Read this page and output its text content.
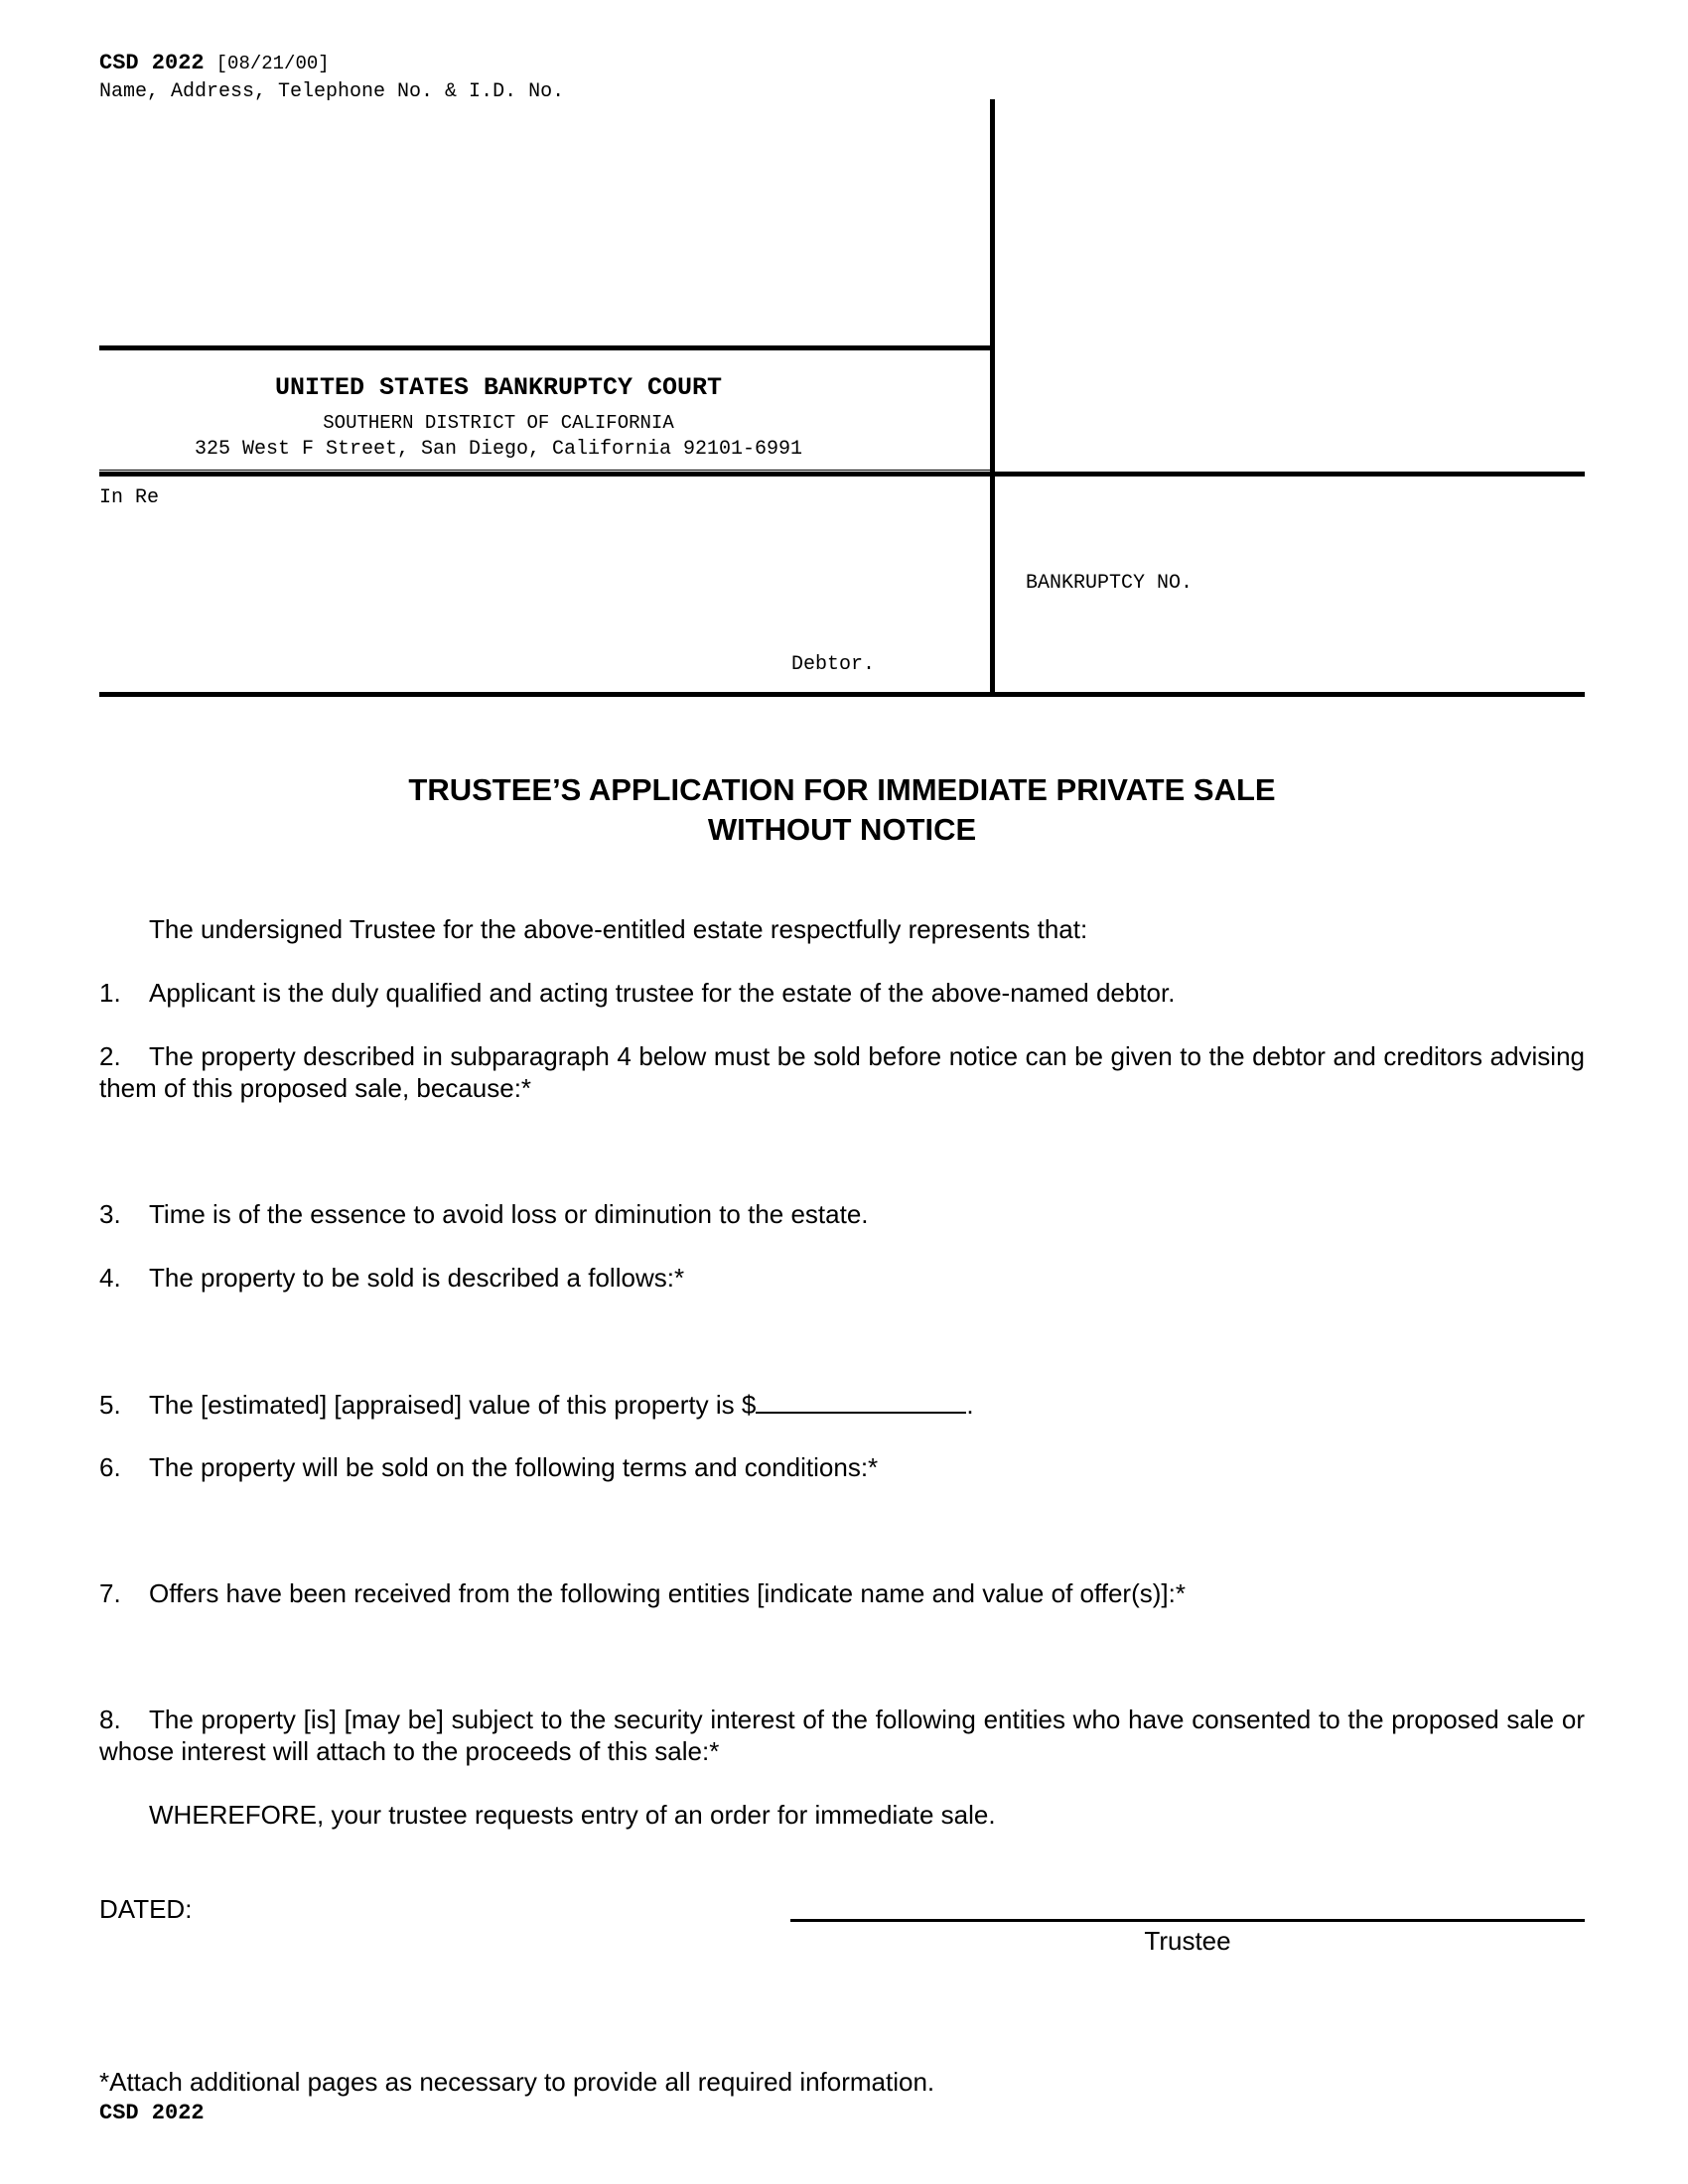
CSD 2022 [08/21/00]
Name, Address, Telephone No. & I.D. No.
UNITED STATES BANKRUPTCY COURT
SOUTHERN DISTRICT OF CALIFORNIA
325 West F Street, San Diego, California 92101-6991
In Re
Debtor.
BANKRUPTCY NO.
TRUSTEE’S APPLICATION FOR IMMEDIATE PRIVATE SALE
WITHOUT NOTICE
The undersigned Trustee for the above-entitled estate respectfully represents that:
1. Applicant is the duly qualified and acting trustee for the estate of the above-named debtor.
2. The property described in subparagraph 4 below must be sold before notice can be given to the debtor and creditors advising them of this proposed sale, because:*
3. Time is of the essence to avoid loss or diminution to the estate.
4. The property to be sold is described a follows:*
5. The [estimated] [appraised] value of this property is $	.
6. The property will be sold on the following terms and conditions:*
7. Offers have been received from the following entities [indicate name and value of offer(s)]:*
8. The property [is] [may be] subject to the security interest of the following entities who have consented to the proposed sale or whose interest will attach to the proceeds of this sale:*
WHEREFORE, your trustee requests entry of an order for immediate sale.
DATED:
Trustee
*Attach additional pages as necessary to provide all required information.
CSD 2022
